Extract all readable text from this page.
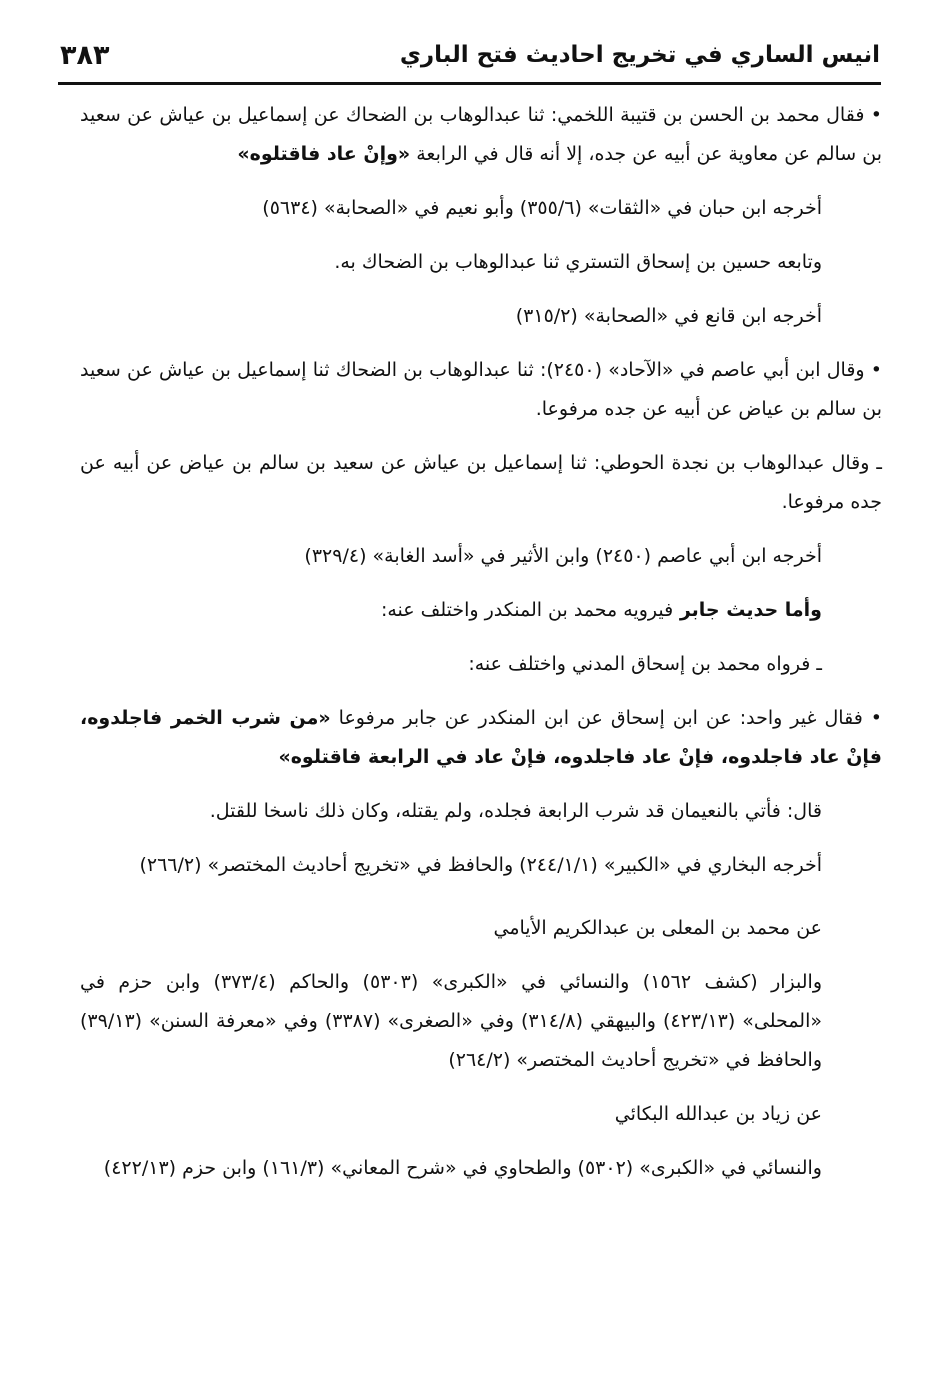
انيس الساري في تخريج احاديث فتح الباري
٣٨٣

• فقال محمد بن الحسن بن قتيبة اللخمي: ثنا عبدالوهاب بن الضحاك عن إسماعيل بن عياش عن سعيد بن سالم عن معاوية عن أبيه عن جده، إلا أنه قال في الرابعة «وإنْ عاد فاقتلوه»

أخرجه ابن حبان في «الثقات» (٣٥٥/٦) وأبو نعيم في «الصحابة» (٥٦٣٤)

وتابعه حسين بن إسحاق التستري ثنا عبدالوهاب بن الضحاك به.

أخرجه ابن قانع في «الصحابة» (٣١٥/٢)

• وقال ابن أبي عاصم في «الآحاد» (٢٤٥٠): ثنا عبدالوهاب بن الضحاك ثنا إسماعيل بن عياش عن سعيد بن سالم بن عياض عن أبيه عن جده مرفوعا.

ـ وقال عبدالوهاب بن نجدة الحوطي: ثنا إسماعيل بن عياش عن سعيد بن سالم بن عياض عن أبيه عن جده مرفوعا.

أخرجه ابن أبي عاصم (٢٤٥٠) وابن الأثير في «أسد الغابة» (٣٢٩/٤)

وأما حديث جابر فيرويه محمد بن المنكدر واختلف عنه:

ـ فرواه محمد بن إسحاق المدني واختلف عنه:

• فقال غير واحد: عن ابن إسحاق عن ابن المنكدر عن جابر مرفوعا «من شرب الخمر فاجلدوه، فإنْ عاد فاجلدوه، فإنْ عاد فاجلدوه، فإنْ عاد في الرابعة فاقتلوه»

قال: فأتي بالنعيمان قد شرب الرابعة فجلده، ولم يقتله، وكان ذلك ناسخا للقتل.

أخرجه البخاري في «الكبير» (٢٤٤/١/١) والحافظ في «تخريج أحاديث المختصر» (٢٦٦/٢)

عن محمد بن المعلى بن عبدالكريم الأيامي

والبزار (كشف ١٥٦٢) والنسائي في «الكبرى» (٥٣٠٣) والحاكم (٣٧٣/٤) وابن حزم في «المحلى» (٤٢٣/١٣) والبيهقي (٣١٤/٨) وفي «الصغرى» (٣٣٨٧) وفي «معرفة السنن» (٣٩/١٣) والحافظ في «تخريج أحاديث المختصر» (٢٦٤/٢)

عن زياد بن عبدالله البكائي

والنسائي في «الكبرى» (٥٣٠٢) والطحاوي في «شرح المعاني» (١٦١/٣) وابن حزم (٤٢٢/١٣)
